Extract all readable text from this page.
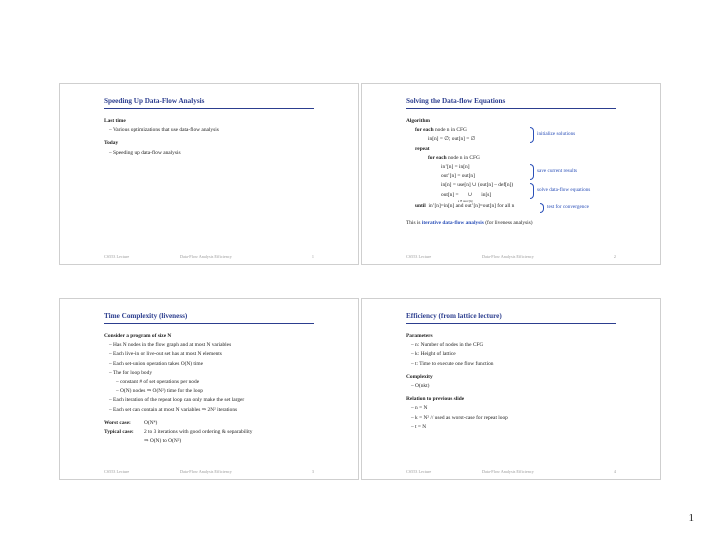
Speeding Up Data-Flow Analysis
Last time
– Various optimizations that use data-flow analysis
Today
– Speeding up data-flow analysis
CS553 Lecture	Data-Flow Analysis Efficiency	1
Solving the Data-flow Equations
Algorithm
for each node n in CFG
in[n] = ∅; out[n] = ∅
repeat
for each node n in CFG
in’[n] = in[n]
out’[n] = out[n]
in[n] = use[n] ∪ (out[n] – def[n])
out[n] = ∪
s ∈ succ[n]
in[s]
until in’[n]=in[n] and out’[n]=out[n] for all n
This is iterative data-flow analysis (for liveness analysis)
initialize solutions
save current results
solve data-flow equations
test for convergence
CS553 Lecture	Data-Flow Analysis Efficiency	2
Time Complexity (liveness)
Consider a program of size N
– Has N nodes in the flow graph and at most N variables
– Each live-in or live-out set has at most N elements
– Each set-union operation takes O(N) time
– The for loop body
– constant # of set operations per node
– O(N) nodes ⇒ O(N²) time for the loop
– Each iteration of the repeat loop can only make the set larger
– Each set can contain at most N variables ⇒ 2N² iterations
Worst case:	O(N⁴)
Typical case:	2 to 3 iterations with good ordering & separability
⇒ O(N) to O(N²)
CS553 Lecture	Data-Flow Analysis Efficiency	3
Efficiency (from lattice lecture)
Parameters
– n: Number of nodes in the CFG
– k: Height of lattice
– t: Time to execute one flow function
Complexity
– O(nkt)
Relation to previous slide
– n = N
– k = N² // used as worst-case for repeat loop
– t = N
CS553 Lecture	Data-Flow Analysis Efficiency	4
1
